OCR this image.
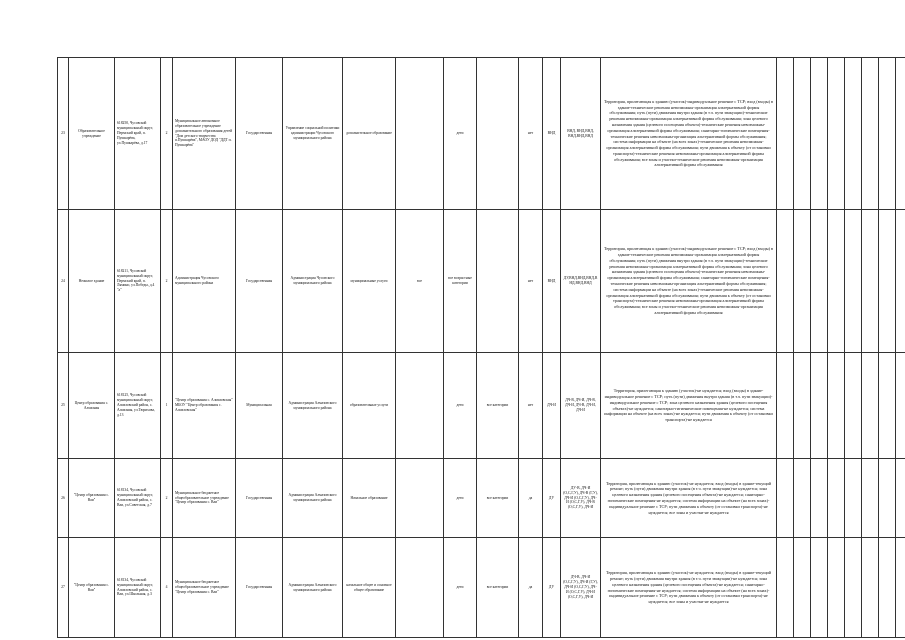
23	Образовательное учреждение	618250, Чусовской муниципальный округ, Пермский край, п. Пушкарёва, ул.Пушкарёва, д.17	2	Муниципальное автономное образовательное учреждение дополнительного образования детей "Дом детского творчества п.Пушкарёва", МАОУ ДОД "ДДТ п. Пушкарёва"	Государственная	Управление социальной политики администрации Чусовского муниципального района	дополнительное образование		дети		нет	ВНД	ВНД, ВНД,ВНД, ВНД,ВНД,ВНД	Территория, прилегающая к зданию (участок)-индивидуальное решение с ТСР; вход (входы) в здание-технические решения невозможны-организация альтернативной формы обслуживания; путь (пути) движения внутри здания (в т.ч. пути эвакуации)-технические решения невозможны-организация альтернативной формы обслуживания; зона целевого назначения здания (целевого посещения объекта)-технические решения невозможны-организация альтернативной формы обслуживания; санитарно-гигиенические помещения-технические решения невозможны-организация альтернативной формы обслуживания; система информации на объекте (на всех зонах)-технические решения невозможны-организация альтернативной формы обслуживания; пути движения к объекту (от остановки транспорта)-технические решения невозможны-организация альтернативной формы обслуживания; все зоны и участки-технические решения невозможны-организация альтернативной формы обслуживания								
24	Нежилое здание	618211, Чусовской муниципальный округ, Пермский край, п. Лямино, ул.Победы, д.4 "а"	2	Администрация Чусовского муниципального района	Государственная	Администрация Чусовского муниципального района	муниципальные услуги	все	все возрастные категории		нет	ВНД	ДУ,ВНД,ВНД,ВНД,ВНД,ВНД,ВНД	Территория, прилегающая к зданию (участок)-индивидуальное решение с ТСР; вход (входы) в здание-технические решения невозможны-организация альтернативной формы обслуживания; путь (пути) движения внутри здания (в т.ч. пути эвакуации)-технические решения невозможны-организация альтернативной формы обслуживания; зона целевого назначения здания (целевого посещения объекта)-технические решения невозможны-организация альтернативной формы обслуживания; санитарно-гигиенические помещения-технические решения невозможны-организация альтернативной формы обслуживания; система информации на объекте (на всех зонах)-технические решения невозможны-организация альтернативной формы обслуживания; пути движения к объекту (от остановки транспорта)-технические решения невозможны-организация альтернативной формы обслуживания; все зоны и участки-технические решения невозможны-организация альтернативной формы обслуживания								
25	Центр образования с. Алмазная	618125, Чусовской муниципальный округ, Алмазовский район, с. Алмазная, ул.Тюрихова, д.13	1	"Центр образования с. Алмазовская" МБОУ "Центр образования с. Алмазовская"	Муниципальная	Администрация Алмазовского муниципального района	образовательные услуги		дети	все категории	нет	ДЧ-И	ДЧ-В, ДЧ-И, ДЧ-В, ДЧ-И, ДЧ-В, ДЧ-И, ДЧ-И	Территория, прилегающая к зданию (участок)-не нуждается; вход (входы) в здание-индивидуальное решение с ТСР; путь (пути) движения внутри здания (в т.ч. пути эвакуации)-индивидуальное решение с ТСР; зона целевого назначения здания (целевого посещения объекта)-не нуждается; санитарно-гигиенические помещения-не нуждается; система информации на объекте (на всех зонах)-не нуждается; пути движения к объекту (от остановки транспорта)-не нуждается								
26	"Центр образования с. Ваи"	618134, Чусовской муниципальный округ, Алмазовский район, с. Ваи, ул.Советская, д.7	2	Муниципальное бюджетное общеобразовательное учреждение "Центр образования с. Ваи"	Государственная	Администрация Алмазовского муниципального района	Начальное образование		дети	все категории	да	ДУ	ДУ-В, ДЧ-И (О,С,Г,У), ДЧ-В (Г,У), ДЧ-И (О,С,Г,У), ДЧ-И (О,С,Г,У), ДЧ-В (О,С,Г,У), ДЧ-И	Территория, прилегающая к зданию (участок)-не нуждается; вход (входы) в здание-текущий ремонт; путь (пути) движения внутри здания (в т.ч. пути эвакуации)-не нуждается; зона целевого назначения здания (целевого посещения объекта)-не нуждается; санитарно-гигиенические помещения-не нуждается; система информации на объекте (на всех зонах)-индивидуальное решение с ТСР; пути движения к объекту (от остановки транспорта)-не нуждается; все зоны и участки-не нуждается								
27	"Центр образования с. Ваи"	618134, Чусовской муниципальный округ, Алмазовский район, с. Ваи, ул.Школьная, д.3	4	Муниципальное бюджетное общеобразовательное учреждение "Центр образования с. Ваи"	Государственная	Администрация Алмазовского муниципального района	начальное общее и основное общее образование		дети	все категории	да	ДУ	ДЧ-В, ДЧ-И (О,С,Г,У), ДЧ-И (Г,У), ДЧ-И (О,С,Г,У), ДЧ-И (О,С,Г,У), ДЧ-И (О,С,Г,У), ДЧ-И	Территория, прилегающая к зданию (участок)-не нуждается; вход (входы) в здание-текущий ремонт; путь (пути) движения внутри здания (в т.ч. пути эвакуации)-не нуждается; зона целевого назначения здания (целевого посещения объекта)-не нуждается; санитарно-гигиенические помещения-не нуждается; система информации на объекте (на всех зонах)-индивидуальное решение с ТСР; пути движения к объекту (от остановки транспорта)-не нуждается; все зоны и участки-не нуждается								
